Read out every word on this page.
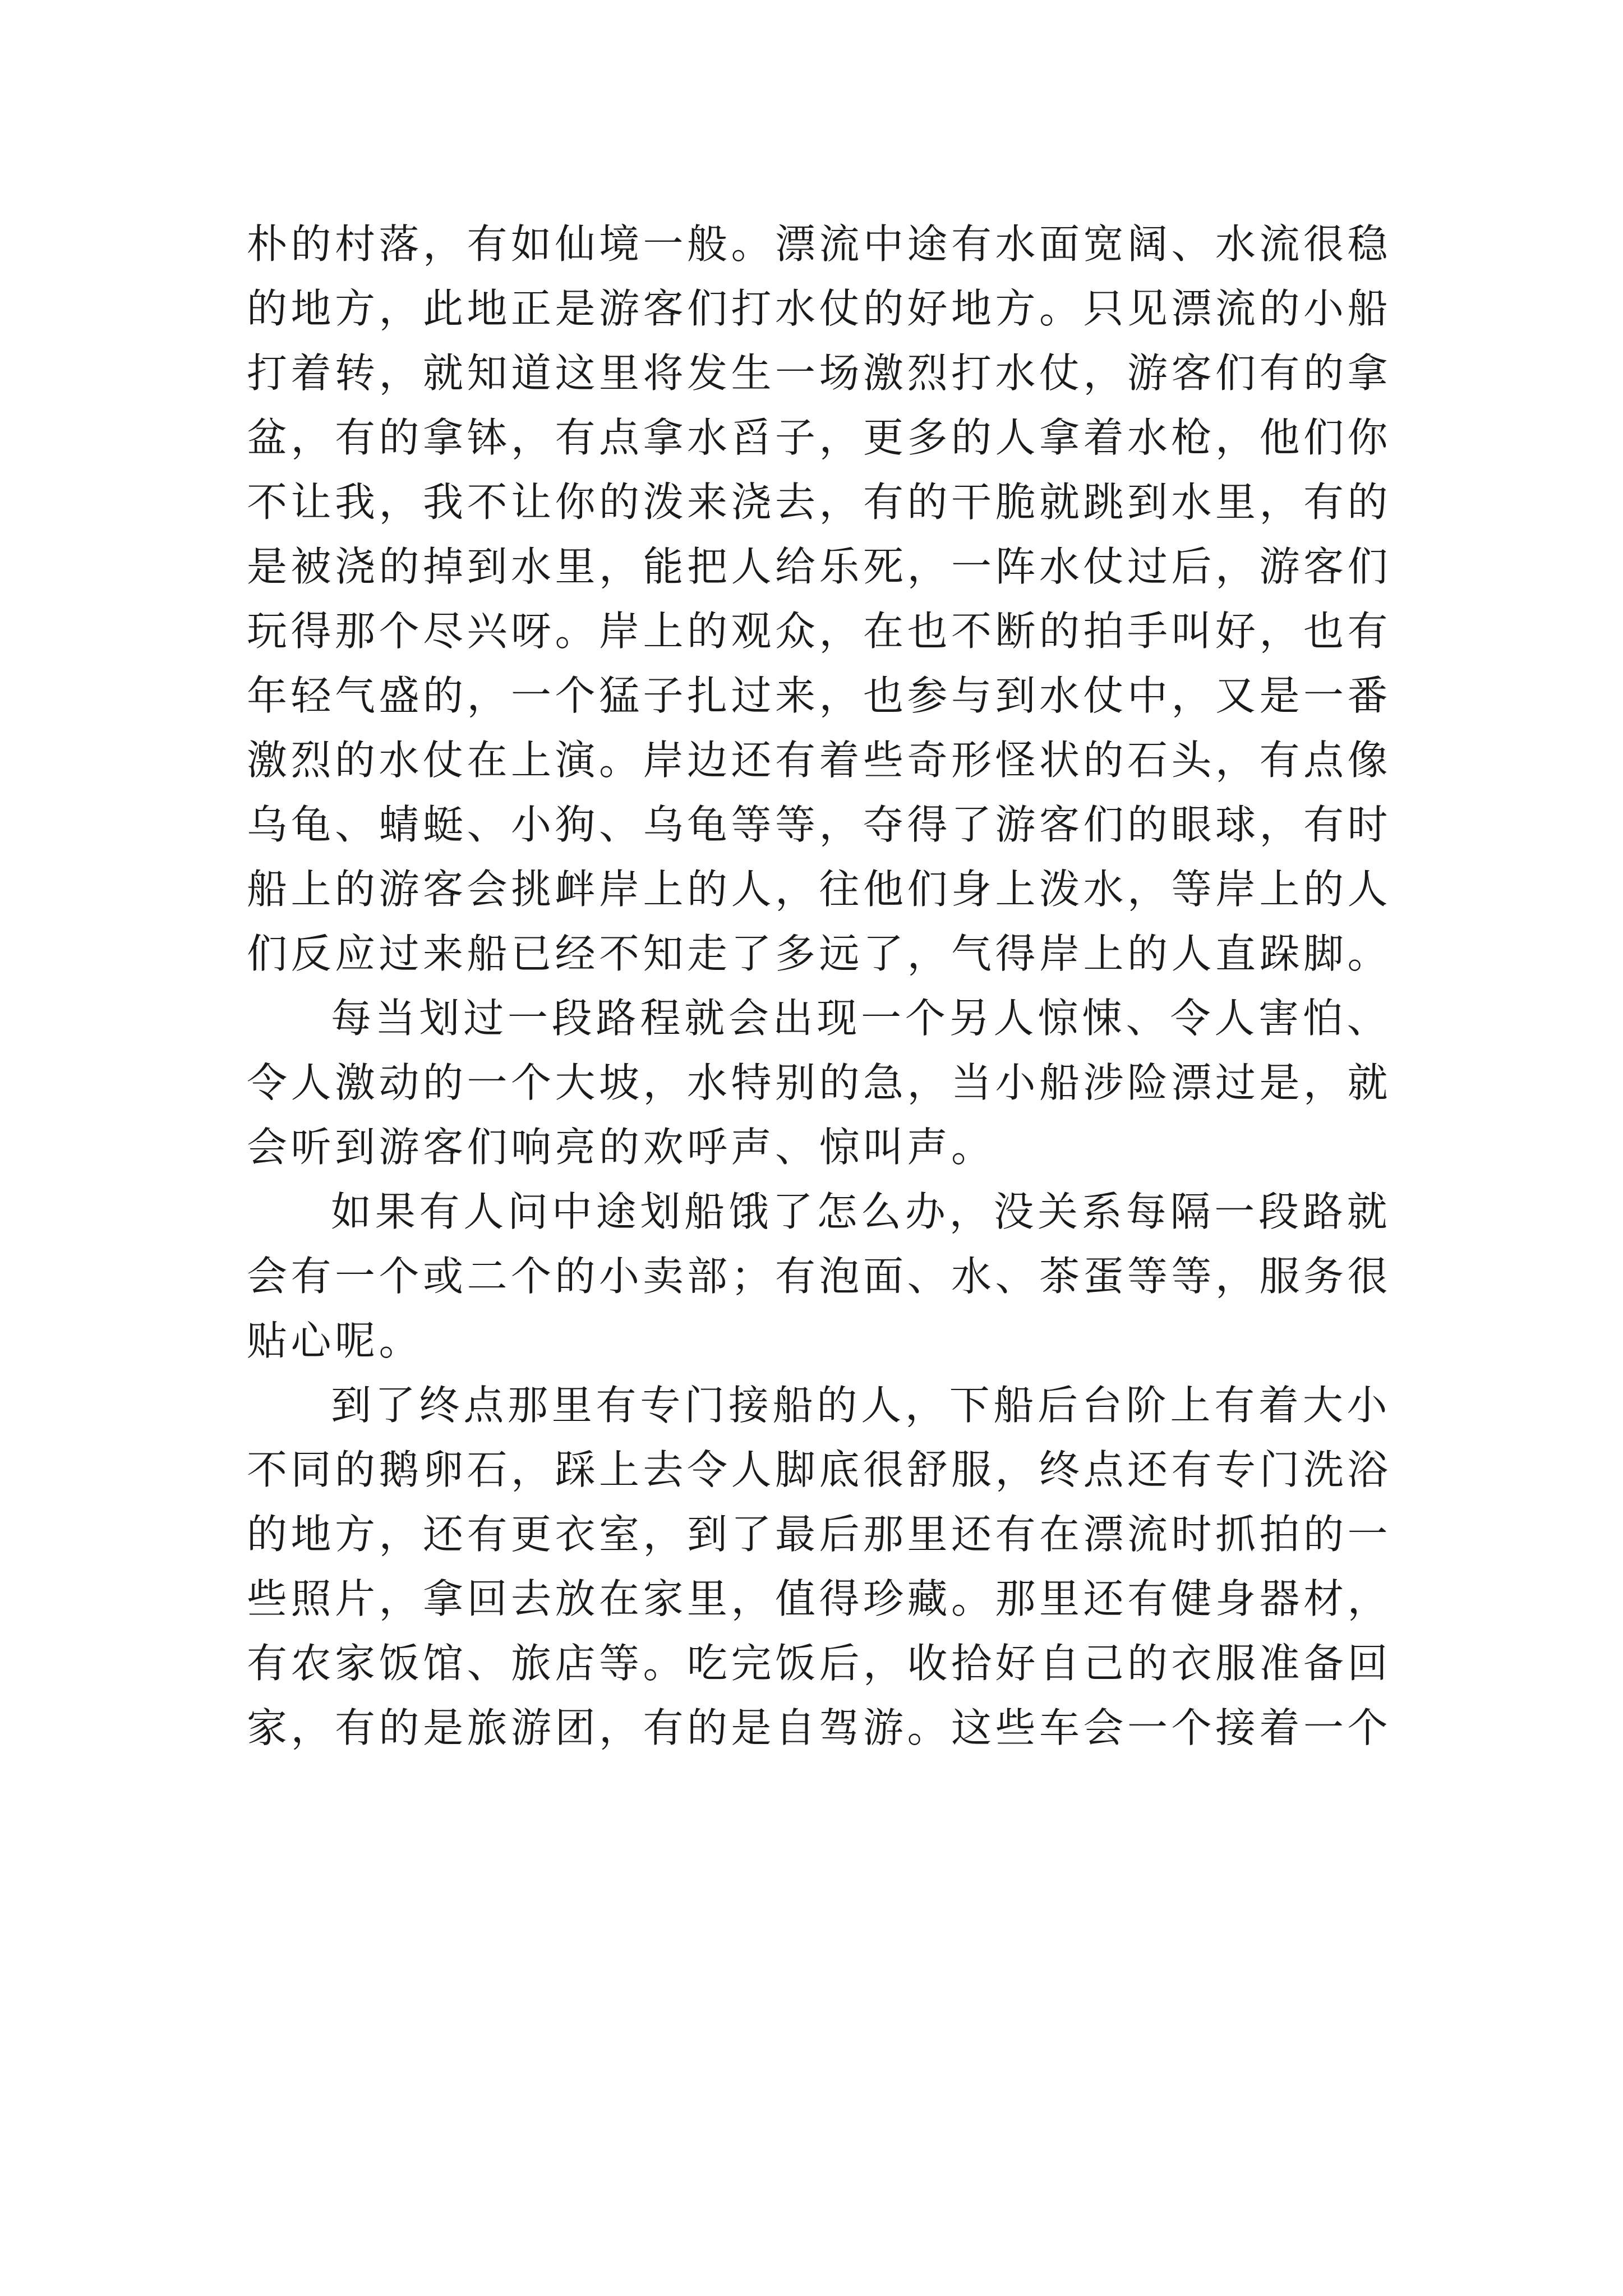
朴的村落，有如仙境一般。漂流中途有水面宽阔、水流很稳
的地方，此地正是游客们打水仗的好地方。只见漂流的小船
打着转，就知道这里将发生一场激烈打水仗，游客们有的拿
盆，有的拿钵，有点拿水舀子，更多的人拿着水枪，他们你
不让我，我不让你的泼来浇去，有的干脆就跳到水里，有的
是被浇的掉到水里，能把人给乐死，一阵水仗过后，游客们
玩得那个尽兴呀。岸上的观众，在也不断的拍手叫好，也有
年轻气盛的，一个猛子扎过来，也参与到水仗中，又是一番
激烈的水仗在上演。岸边还有着些奇形怪状的石头，有点像
乌龟、蜻蜓、小狗、乌龟等等，夺得了游客们的眼球，有时
船上的游客会挑衅岸上的人，往他们身上泼水，等岸上的人
们反应过来船已经不知走了多远了，气得岸上的人直跺脚。
每当划过一段路程就会出现一个另人惊悚、令人害怕、
令人激动的一个大坡，水特别的急，当小船涉险漂过是，就
会听到游客们响亮的欢呼声、惊叫声。
如果有人问中途划船饿了怎么办，没关系每隔一段路就
会有一个或二个的小卖部；有泡面、水、茶蛋等等，服务很
贴心呢。
到了终点那里有专门接船的人，下船后台阶上有着大小
不同的鹅卵石，踩上去令人脚底很舒服，终点还有专门洗浴
的地方，还有更衣室，到了最后那里还有在漂流时抓拍的一
些照片，拿回去放在家里，值得珍藏。那里还有健身器材，
有农家饭馆、旅店等。吃完饭后，收拾好自己的衣服准备回
家，有的是旅游团，有的是自驾游。这些车会一个接着一个
